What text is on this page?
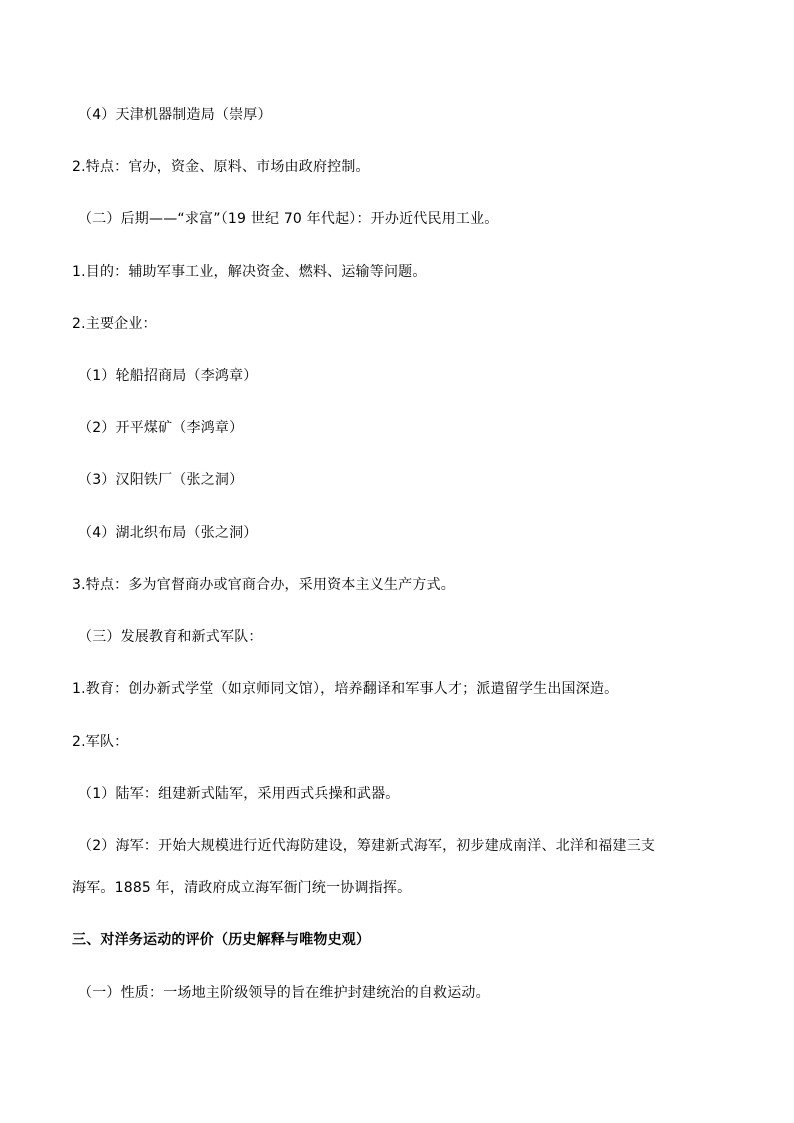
（4）天津机器制造局（崇厚）
2.特点：官办，资金、原料、市场由政府控制。
（二）后期——“求富”（19 世纪 70 年代起）：开办近代民用工业。
1.目的：辅助军事工业，解决资金、燃料、运输等问题。
2.主要企业：
（1）轮船招商局（李鸿章）
（2）开平煤矿（李鸿章）
（3）汉阳铁厂（张之洞）
（4）湖北织布局（张之洞）
3.特点：多为官督商办或官商合办，采用资本主义生产方式。
（三）发展教育和新式军队：
1.教育：创办新式学堂（如京师同文馆），培养翻译和军事人才；派遣留学生出国深造。
2.军队：
（1）陆军：组建新式陆军，采用西式兵操和武器。
（2）海军：开始大规模进行近代海防建设，筹建新式海军，初步建成南洋、北洋和福建三支
海军。1885 年，清政府成立海军衙门统一协调指挥。
三、对洋务运动的评价（历史解释与唯物史观）
（一）性质：一场地主阶级领导的旨在维护封建统治的自救运动。
